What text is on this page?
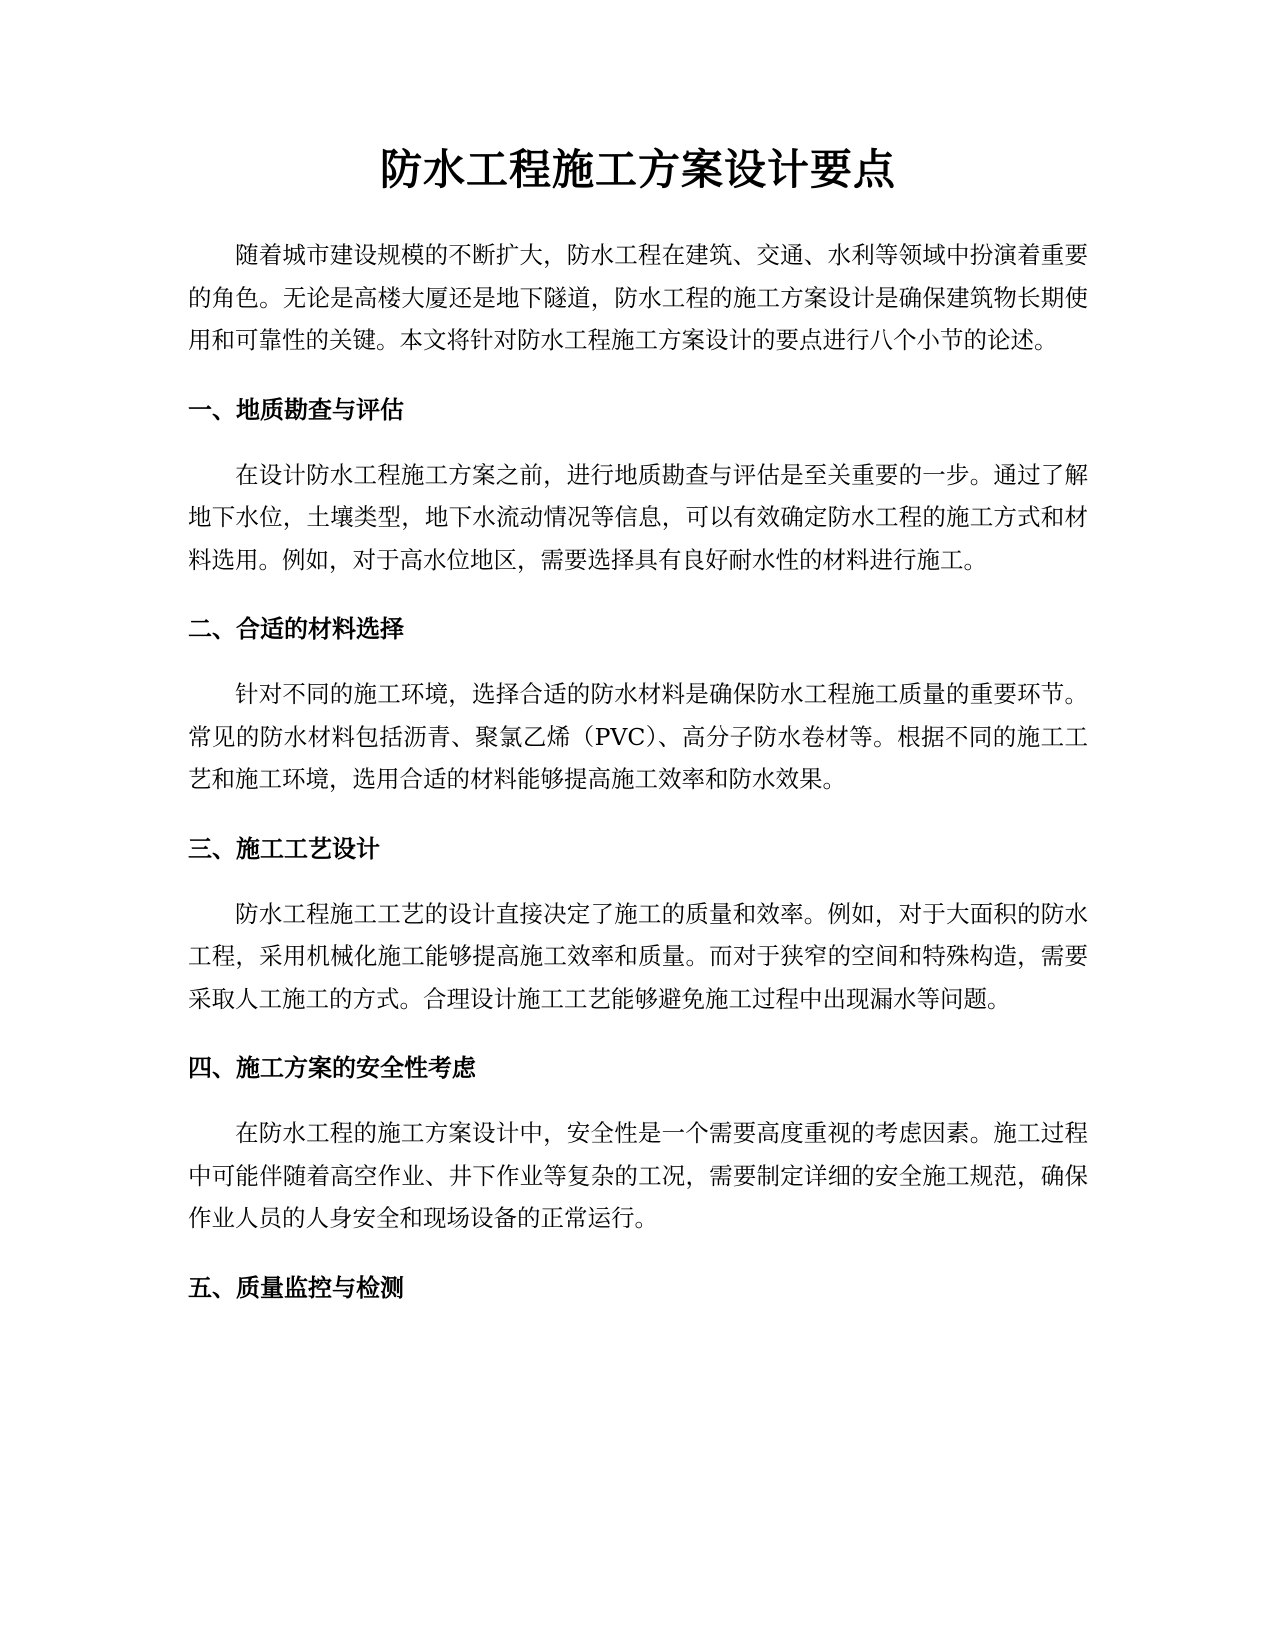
防水工程施工方案设计要点

随着城市建设规模的不断扩大，防水工程在建筑、交通、水利等领域中扮演着重要的角色。无论是高楼大厦还是地下隧道，防水工程的施工方案设计是确保建筑物长期使用和可靠性的关键。本文将针对防水工程施工方案设计的要点进行八个小节的论述。

一、地质勘查与评估

在设计防水工程施工方案之前，进行地质勘查与评估是至关重要的一步。通过了解地下水位，土壤类型，地下水流动情况等信息，可以有效确定防水工程的施工方式和材料选用。例如，对于高水位地区，需要选择具有良好耐水性的材料进行施工。

二、合适的材料选择

针对不同的施工环境，选择合适的防水材料是确保防水工程施工质量的重要环节。常见的防水材料包括沥青、聚氯乙烯（PVC）、高分子防水卷材等。根据不同的施工工艺和施工环境，选用合适的材料能够提高施工效率和防水效果。

三、施工工艺设计

防水工程施工工艺的设计直接决定了施工的质量和效率。例如，对于大面积的防水工程，采用机械化施工能够提高施工效率和质量。而对于狭窄的空间和特殊构造，需要采取人工施工的方式。合理设计施工工艺能够避免施工过程中出现漏水等问题。

四、施工方案的安全性考虑

在防水工程的施工方案设计中，安全性是一个需要高度重视的考虑因素。施工过程中可能伴随着高空作业、井下作业等复杂的工况，需要制定详细的安全施工规范，确保作业人员的人身安全和现场设备的正常运行。

五、质量监控与检测
